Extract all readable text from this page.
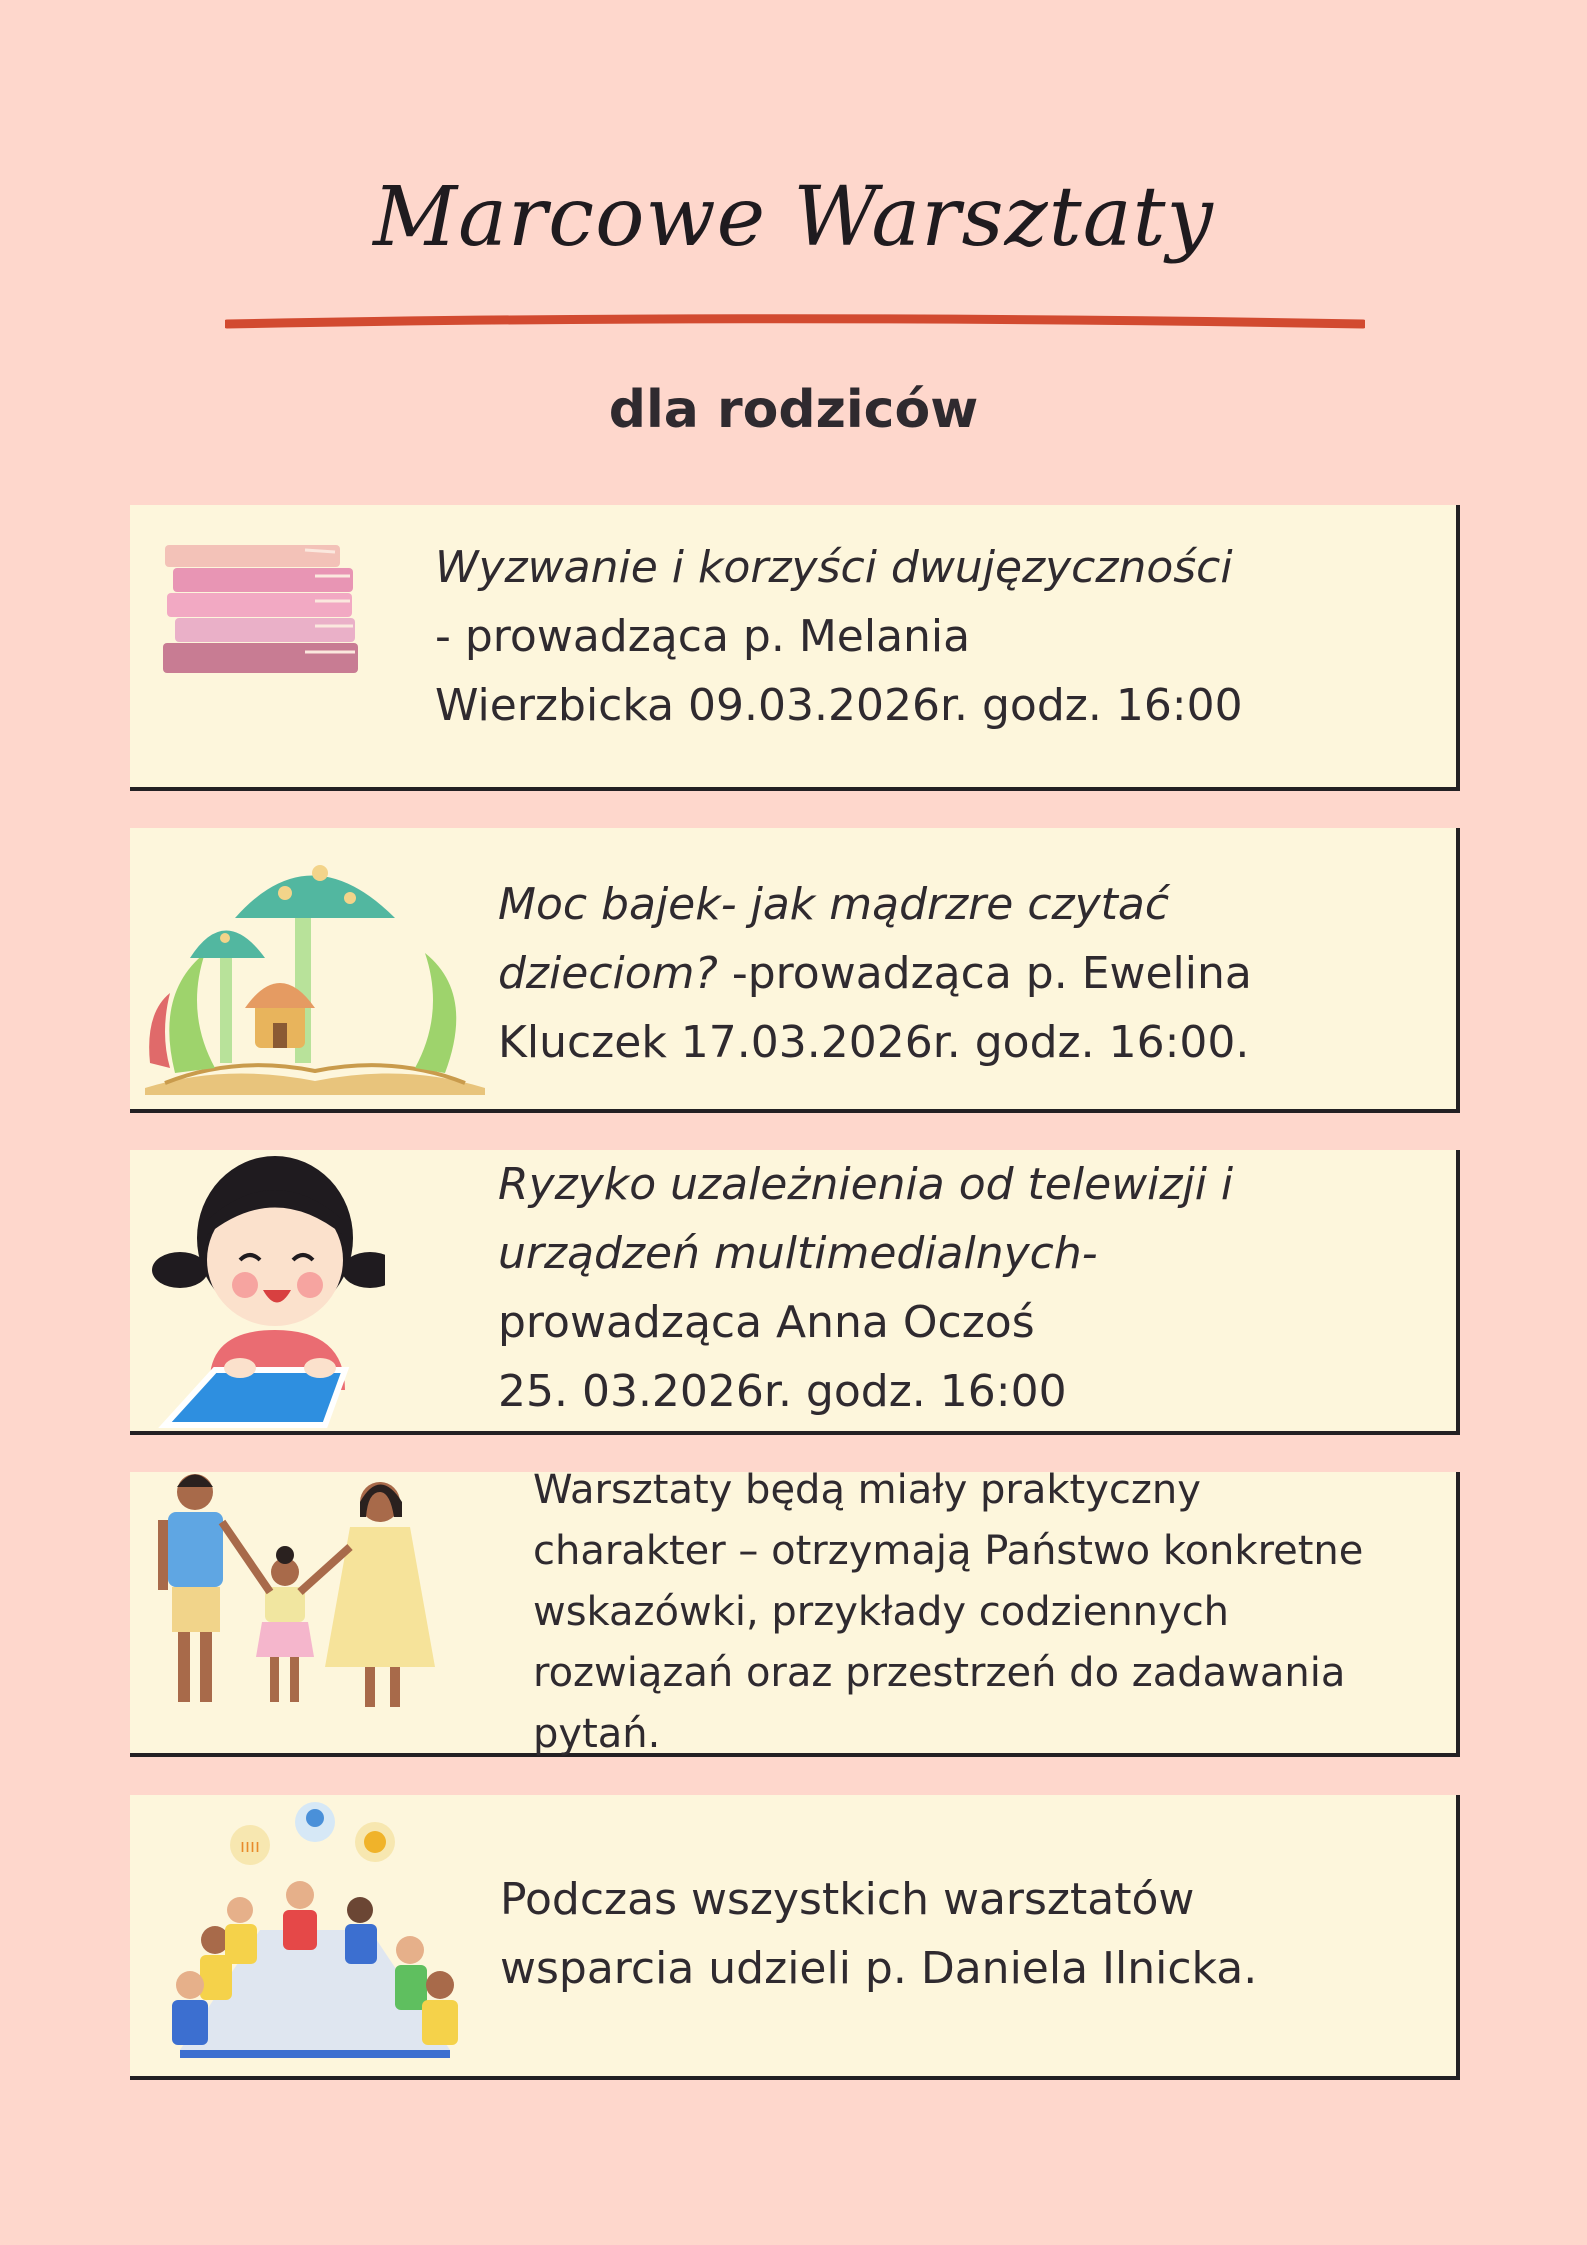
Marcowe Warsztaty
dla rodziców
Wyzwanie i korzyści dwujęzyczności
- prowadząca p. Melania
Wierzbicka 09.03.2026r. godz. 16:00
Moc bajek- jak mądrzre czytać
dzieciom? -prowadząca p. Ewelina
Kluczek 17.03.2026r. godz. 16:00.
Ryzyko uzależnienia od telewizji i
urządzeń multimedialnych-
prowadząca Anna Oczoś
25. 03.2026r. godz. 16:00
Warsztaty będą miały praktyczny
charakter – otrzymają Państwo konkretne
wskazówki, przykłady codziennych
rozwiązań oraz przestrzeń do zadawania
pytań.
ıııı
Podczas wszystkich warsztatów
wsparcia udzieli p. Daniela Ilnicka.
